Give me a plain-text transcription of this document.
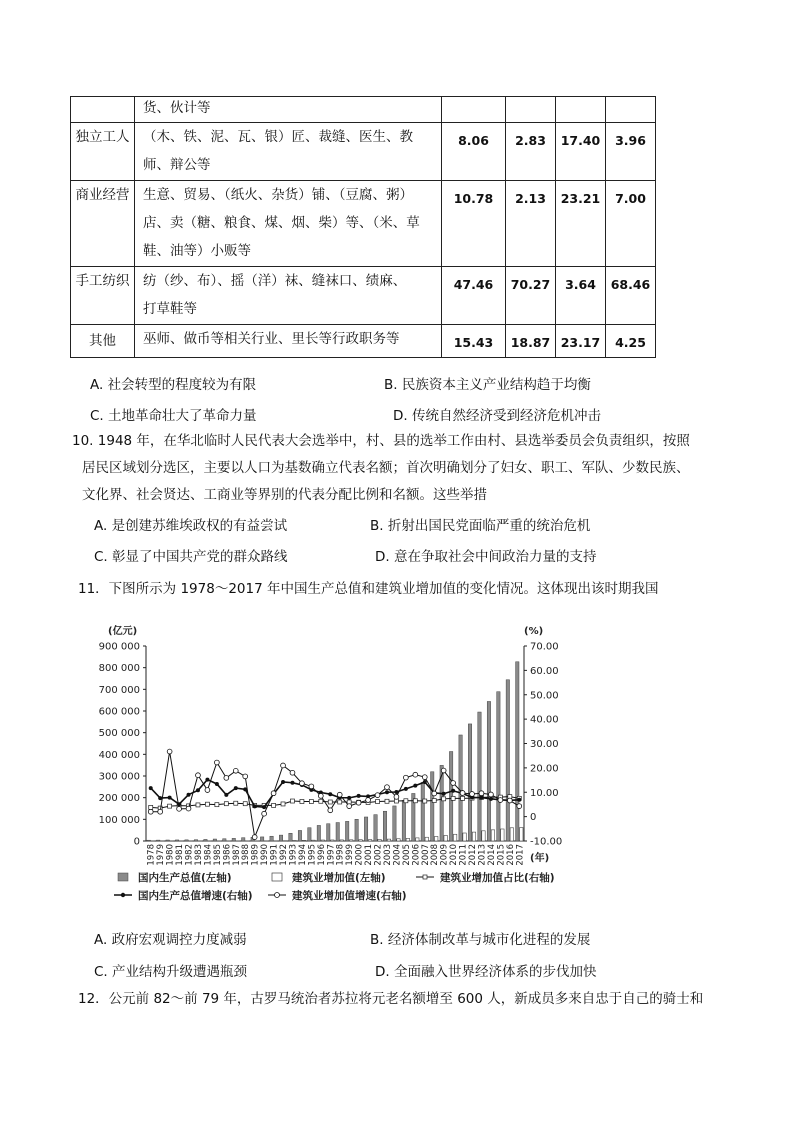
	货、伙计等				

独立工人	（木、铁、泥、瓦、银）匠、裁缝、医生、教
师、辩公等	8.06	2.83	17.40	3.96
商业经营	生意、贸易、（纸火、杂货）铺、（豆腐、粥）
店、卖（糖、粮食、煤、烟、柴）等、（米、草
鞋、油等）小贩等	10.78	2.13	23.21	7.00
手工纺织	纺（纱、布）、摇（洋）袜、缝袜口、绩麻、
打草鞋等	47.46	70.27	3.64	68.46
其他	巫师、做币等相关行业、里长等行政职务等	15.43	18.87	23.17	4.25
A. 社会转型的程度较为有限	B. 民族资本主义产业结构趋于均衡
C. 土地革命壮大了革命力量	D. 传统自然经济受到经济危机冲击
10. 1948 年，在华北临时人民代表大会选举中，村、县的选举工作由村、县选举委员会负责组织，按照
居民区域划分选区，主要以人口为基数确立代表名额；首次明确划分了妇女、职工、军队、少数民族、
文化界、社会贤达、工商业等界别的代表分配比例和名额。这些举措
A. 是创建苏维埃政权的有益尝试	B. 折射出国民党面临严重的统治危机
C. 彰显了中国共产党的群众路线	D. 意在争取社会中间政治力量的支持
11．下图所示为 1978～2017 年中国生产总值和建筑业增加值的变化情况。这体现出该时期我国
(亿元)	(%)
(年)
0
100 000
200 000
300 000
400 000
500 000
600 000
700 000
800 000
900 000
-10.00
0
10.00
20.00
30.00
40.00
50.00
60.00
70.00
1978 1979 1980 1981 1982 1983 1984 1985 1986 1987 1988 1989 1990 1991 1992 1993 1994 1995 1996 1997 1998 1999 2000 2001 2002 2003 2004 2005 2006 2007 2008 2009 2010 2011 2012 2013 2014 2015 2016 2017
国内生产总值(左轴)	建筑业增加值(左轴)	建筑业增加值占比(右轴)
国内生产总值增速(右轴)	建筑业增加值增速(右轴)
A. 政府宏观调控力度减弱	B. 经济体制改革与城市化进程的发展
C. 产业结构升级遭遇瓶颈	D. 全面融入世界经济体系的步伐加快
12．公元前 82～前 79 年，古罗马统治者苏拉将元老名额增至 600 人，新成员多来自忠于自己的骑士和
